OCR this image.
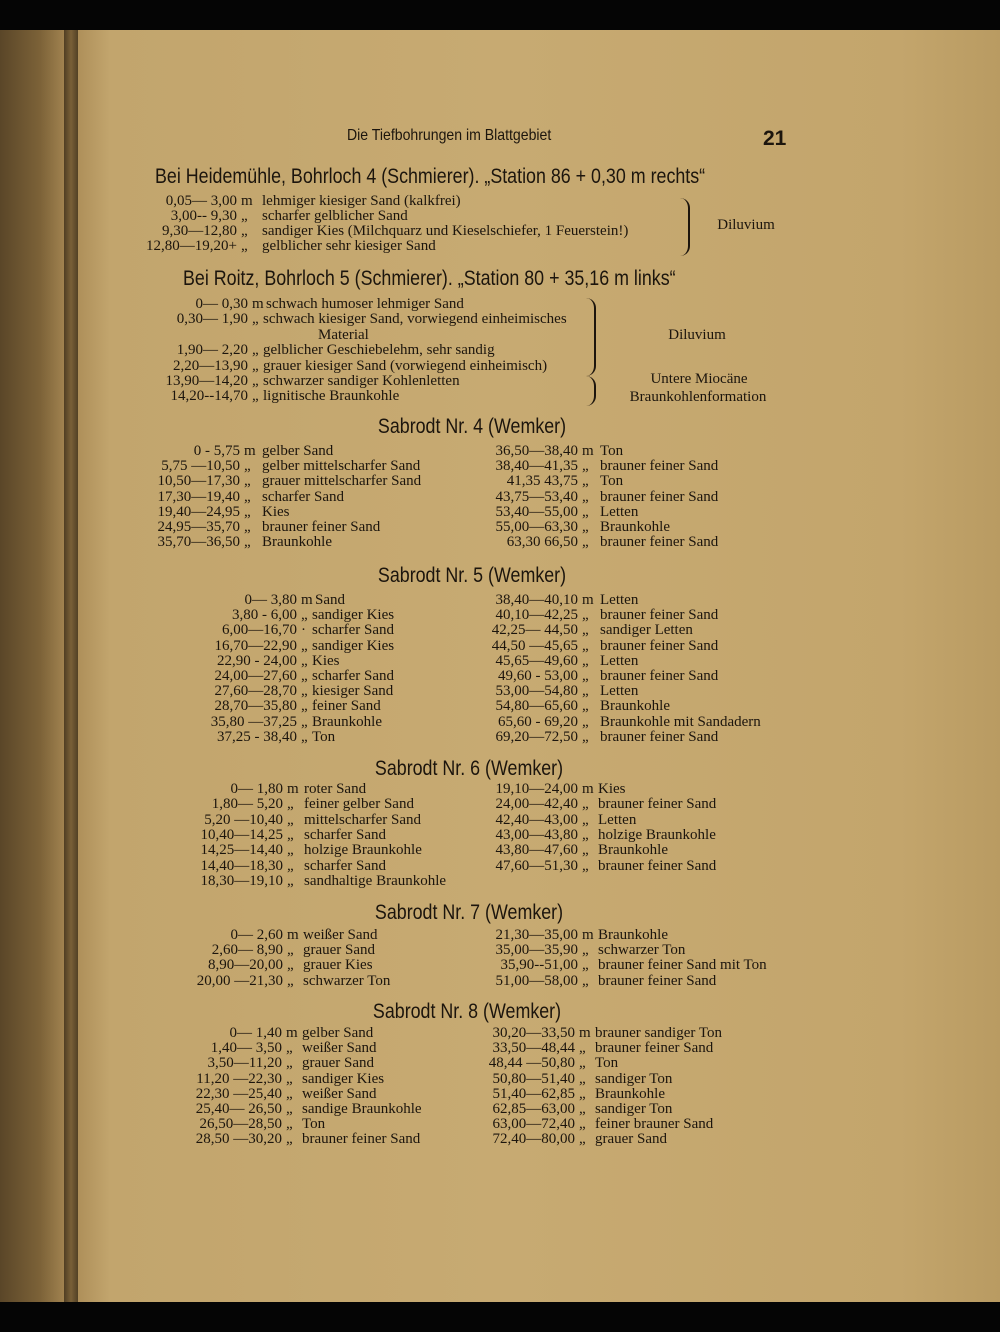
Die Tiefbohrungen im Blattgebiet	21
Bei Heidemühle, Bohrloch 4 (Schmierer). „Station 86 + 0,30 m rechts“
0,05— 3,00 m lehmiger kiesiger Sand (kalkfrei)
3,00-- 9,30 „ scharfer gelblicher Sand
9,30—12,80 „ sandiger Kies (Milchquarz und Kieselschiefer, 1 Feuerstein!)
12,80—19,20+ „ gelblicher sehr kiesiger Sand
Bei Roitz, Bohrloch 5 (Schmierer). „Station 80 + 35,16 m links“
0— 0,30 m schwach humoser lehmiger Sand
0,30— 1,90 „ schwach kiesiger Sand, vorwiegend einheimisches
Material
1,90— 2,20 „ gelblicher Geschiebelehm, sehr sandig
2,20—13,90 „ grauer kiesiger Sand (vorwiegend einheimisch)
13,90—14,20 „ schwarzer sandiger Kohlenletten
14,20--14,70 „ lignitische Braunkohle
Sabrodt Nr. 4 (Wemker)
0 - 5,75 m gelber Sand
5,75 —10,50 „ gelber mittelscharfer Sand
10,50—17,30 „ grauer mittelscharfer Sand
17,30—19,40 „ scharfer Sand
19,40—24,95 „ Kies
24,95—35,70 „ brauner feiner Sand
35,70—36,50 „ Braunkohle
36,50—38,40 m Ton
38,40—41,35 „ brauner feiner Sand
41,35 43,75 „ Ton
43,75—53,40 „ brauner feiner Sand
53,40—55,00 „ Letten
55,00—63,30 „ Braunkohle
63,30 66,50 „ brauner feiner Sand
Sabrodt Nr. 5 (Wemker)
0— 3,80 m Sand
3,80 - 6,00 „ sandiger Kies
6,00—16,70 · scharfer Sand
16,70—22,90 „ sandiger Kies
22,90 - 24,00 „ Kies
24,00—27,60 „ scharfer Sand
27,60—28,70 „ kiesiger Sand
28,70—35,80 „ feiner Sand
35,80 —37,25 „ Braunkohle
37,25 - 38,40 „ Ton
38,40—40,10 m Letten
40,10—42,25 „ brauner feiner Sand
42,25— 44,50 „ sandiger Letten
44,50 —45,65 „ brauner feiner Sand
45,65—49,60 „ Letten
49,60 - 53,00 „ brauner feiner Sand
53,00—54,80 „ Letten
54,80—65,60 „ Braunkohle
65,60 - 69,20 „ Braunkohle mit Sandadern
69,20—72,50 „ brauner feiner Sand
Sabrodt Nr. 6 (Wemker)
0— 1,80 m roter Sand
1,80— 5,20 „ feiner gelber Sand
5,20 —10,40 „ mittelscharfer Sand
10,40—14,25 „ scharfer Sand
14,25—14,40 „ holzige Braunkohle
14,40—18,30 „ scharfer Sand
18,30—19,10 „ sandhaltige Braunkohle
19,10—24,00 m Kies
24,00—42,40 „ brauner feiner Sand
42,40—43,00 „ Letten
43,00—43,80 „ holzige Braunkohle
43,80—47,60 „ Braunkohle
47,60—51,30 „ brauner feiner Sand
Sabrodt Nr. 7 (Wemker)
0— 2,60 m weißer Sand
2,60— 8,90 „ grauer Sand
8,90—20,00 „ grauer Kies
20,00 —21,30 „ schwarzer Ton
21,30—35,00 m Braunkohle
35,00—35,90 „ schwarzer Ton
35,90--51,00 „ brauner feiner Sand mit Ton
51,00—58,00 „ brauner feiner Sand
Sabrodt Nr. 8 (Wemker)
0— 1,40 m gelber Sand
1,40— 3,50 „ weißer Sand
3,50—11,20 „ grauer Sand
11,20 —22,30 „ sandiger Kies
22,30 —25,40 „ weißer Sand
25,40— 26,50 „ sandige Braunkohle
26,50—28,50 „ Ton
28,50 —30,20 „ brauner feiner Sand
30,20—33,50 m brauner sandiger Ton
33,50—48,44 „ brauner feiner Sand
48,44 —50,80 „ Ton
50,80—51,40 „ sandiger Ton
51,40—62,85 „ Braunkohle
62,85—63,00 „ sandiger Ton
63,00—72,40 „ feiner brauner Sand
72,40—80,00 „ grauer Sand
Diluvium
Diluvium
Untere Miocäne
Braunkohlenformation
